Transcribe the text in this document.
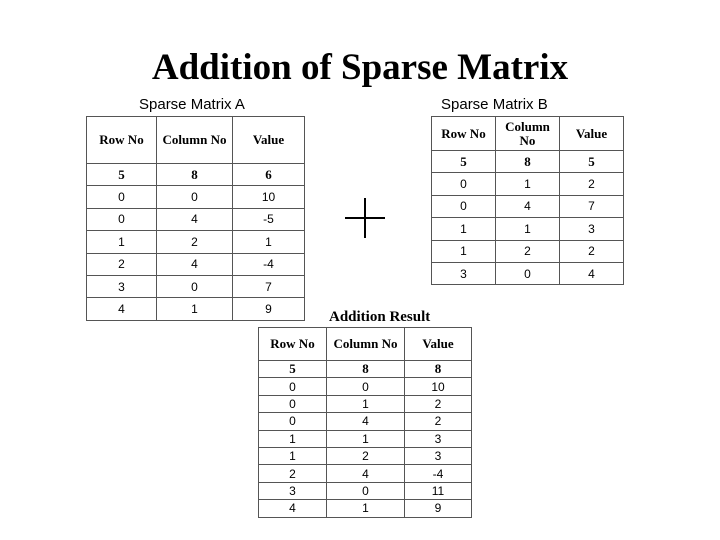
Addition of Sparse Matrix
Sparse Matrix A
Row No	Column No	Value
5	8	6
0	0	10
0	4	-5
1	2	1
2	4	-4
3	0	7
4	1	9
Sparse Matrix B
Row No	Column No	Value
5	8	5
0	1	2
0	4	7
1	1	3
1	2	2
3	0	4
Addition Result
Row No	Column No	Value
5	8	8
0	0	10
0	1	2
0	4	2
1	1	3
1	2	3
2	4	-4
3	0	11
4	1	9
